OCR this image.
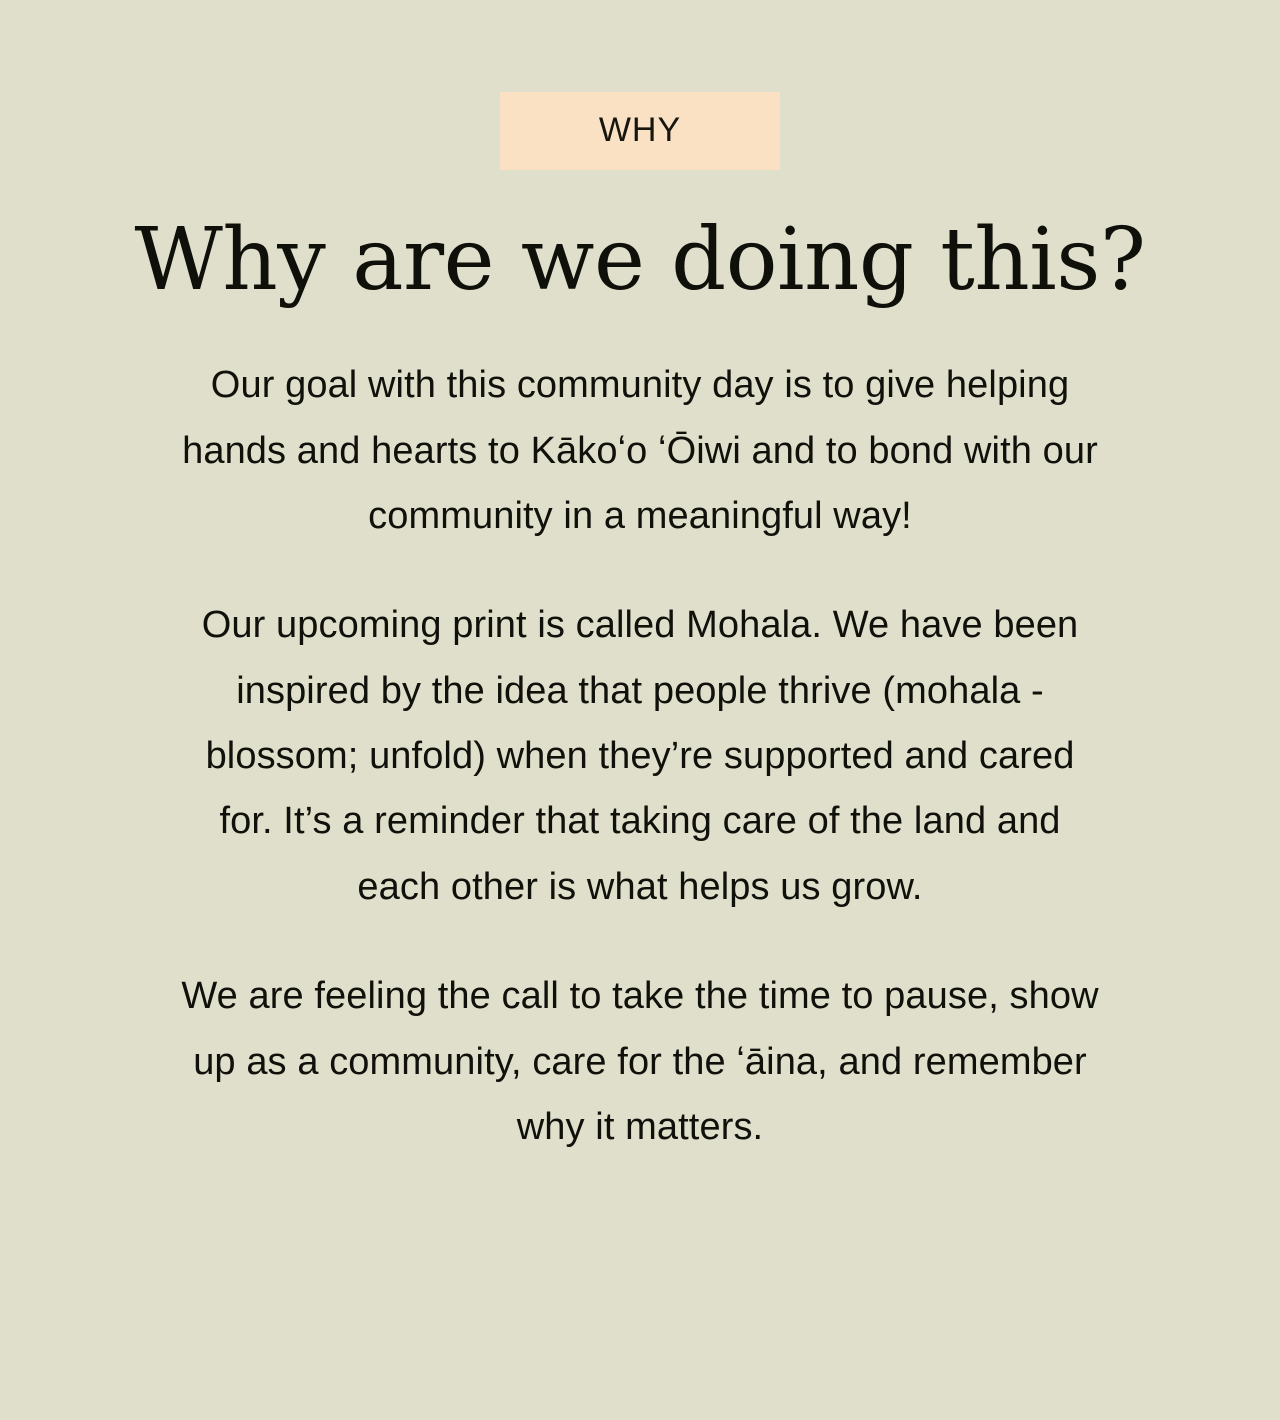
WHY
Why are we doing this?

Our goal with this community day is to give helping hands and hearts to Kākoʻo ʻŌiwi and to bond with our community in a meaningful way!

Our upcoming print is called Mohala. We have been inspired by the idea that people thrive (mohala - blossom; unfold) when they’re supported and cared for. It’s a reminder that taking care of the land and each other is what helps us grow.

We are feeling the call to take the time to pause, show up as a community, care for the ʻāina, and remember why it matters.
